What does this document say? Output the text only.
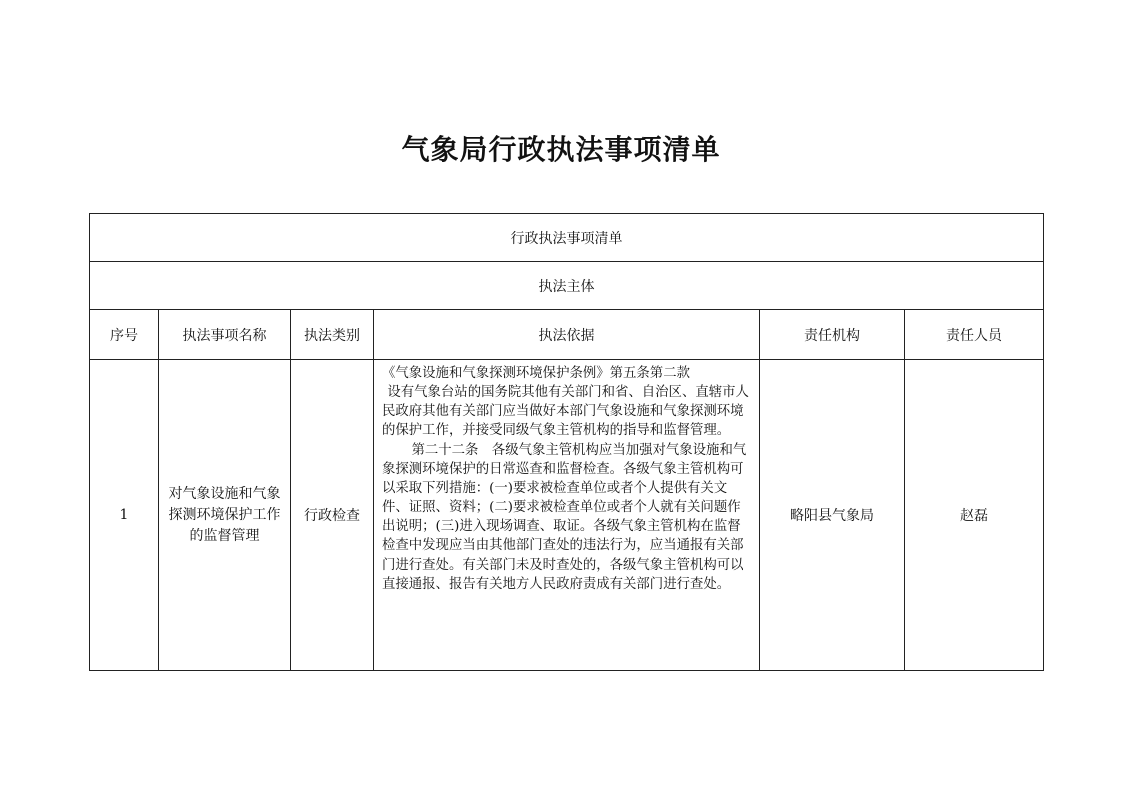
气象局行政执法事项清单
行政执法事项清单					
执法主体					
序号	执法事项名称	执法类别	执法依据	责任机构	责任人员
1	对气象设施和气象探测环境保护工作的监督管理	行政检查	《气象设施和气象探测环境保护条例》第五条第二款

设有气象台站的国务院其他有关部门和省、自治区、直辖市人民政府其他有关部门应当做好本部门气象设施和气象探测环境的保护工作，并接受同级气象主管机构的指导和监督管理。

第二十二条　各级气象主管机构应当加强对气象设施和气象探测环境保护的日常巡查和监督检查。各级气象主管机构可以采取下列措施：(一)要求被检查单位或者个人提供有关文件、证照、资料；(二)要求被检查单位或者个人就有关问题作出说明；(三)进入现场调查、取证。各级气象主管机构在监督检查中发现应当由其他部门查处的违法行为，应当通报有关部门进行查处。有关部门未及时查处的，各级气象主管机构可以直接通报、报告有关地方人民政府责成有关部门进行查处。	略阳县气象局	赵磊
